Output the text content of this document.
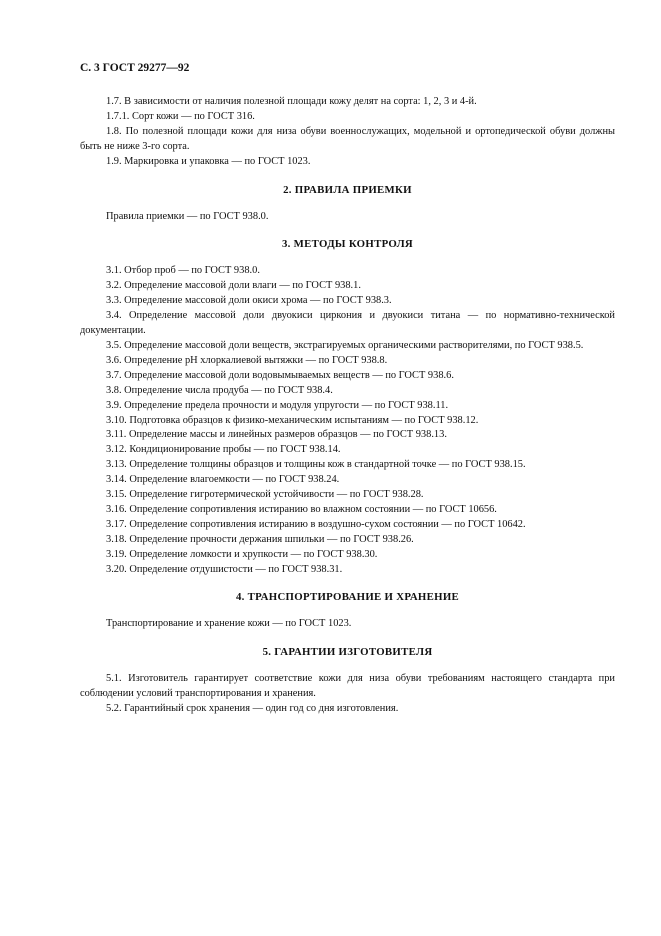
С. 3 ГОСТ 29277—92

1.7. В зависимости от наличия полезной площади кожу делят на сорта: 1, 2, 3 и 4-й.

1.7.1. Сорт кожи — по ГОСТ 316.

1.8. По полезной площади кожи для низа обуви военнослужащих, модельной и ортопедической обуви должны быть не ниже 3-го сорта.

1.9. Маркировка и упаковка — по ГОСТ 1023.

2. ПРАВИЛА ПРИЕМКИ

Правила приемки — по ГОСТ 938.0.

3. МЕТОДЫ КОНТРОЛЯ

3.1. Отбор проб — по ГОСТ 938.0.

3.2. Определение массовой доли влаги — по ГОСТ 938.1.

3.3. Определение массовой доли окиси хрома — по ГОСТ 938.3.

3.4. Определение массовой доли двуокиси циркония и двуокиси титана — по нормативно-технической документации.

3.5. Определение массовой доли веществ, экстрагируемых органическими растворителями, по ГОСТ 938.5.

3.6. Определение pH хлоркалиевой вытяжки — по ГОСТ 938.8.

3.7. Определение массовой доли водовымываемых веществ — по ГОСТ 938.6.

3.8. Определение числа продуба — по ГОСТ 938.4.

3.9. Определение предела прочности и модуля упругости — по ГОСТ 938.11.

3.10. Подготовка образцов к физико-механическим испытаниям — по ГОСТ 938.12.

3.11. Определение массы и линейных размеров образцов — по ГОСТ 938.13.

3.12. Кондиционирование пробы — по ГОСТ 938.14.

3.13. Определение толщины образцов и толщины кож в стандартной точке — по ГОСТ 938.15.

3.14. Определение влагоемкости — по ГОСТ 938.24.

3.15. Определение гигротермической устойчивости — по ГОСТ 938.28.

3.16. Определение сопротивления истиранию во влажном состоянии — по ГОСТ 10656.

3.17. Определение сопротивления истиранию в воздушно-сухом состоянии — по ГОСТ 10642.

3.18. Определение прочности держания шпильки — по ГОСТ 938.26.

3.19. Определение ломкости и хрупкости — по ГОСТ 938.30.

3.20. Определение отдушистости — по ГОСТ 938.31.

4. ТРАНСПОРТИРОВАНИЕ И ХРАНЕНИЕ

Транспортирование и хранение кожи — по ГОСТ 1023.

5. ГАРАНТИИ ИЗГОТОВИТЕЛЯ

5.1. Изготовитель гарантирует соответствие кожи для низа обуви требованиям настоящего стандарта при соблюдении условий транспортирования и хранения.

5.2. Гарантийный срок хранения — один год со дня изготовления.
